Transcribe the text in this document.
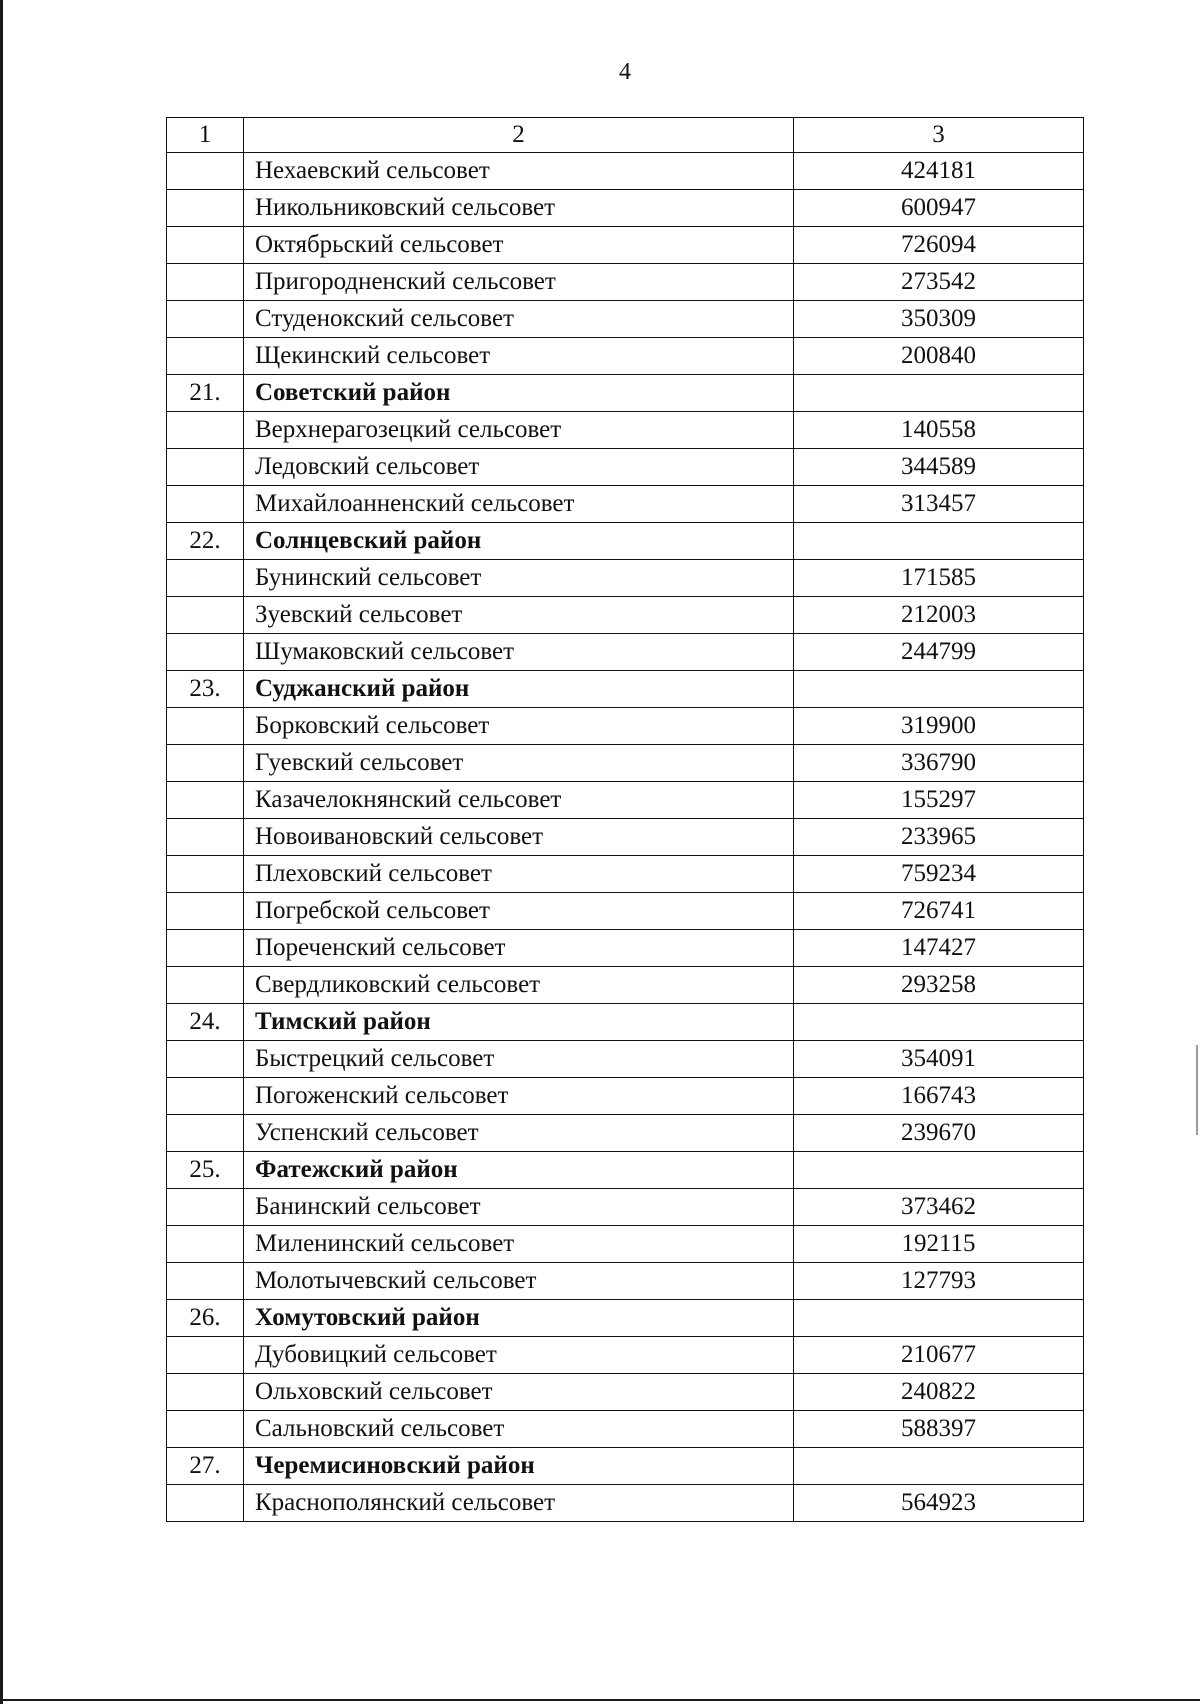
4
1	2	3
	Нехаевский сельсовет	424181
	Никольниковский сельсовет	600947
	Октябрьский сельсовет	726094
	Пригородненский сельсовет	273542
	Студенокский сельсовет	350309
	Щекинский сельсовет	200840
21.	Советский район	
	Верхнерагозецкий сельсовет	140558
	Ледовский сельсовет	344589
	Михайлоанненский сельсовет	313457
22.	Солнцевский район	
	Бунинский сельсовет	171585
	Зуевский сельсовет	212003
	Шумаковский сельсовет	244799
23.	Суджанский район	
	Борковский сельсовет	319900
	Гуевский сельсовет	336790
	Казачелокнянский сельсовет	155297
	Новоивановский сельсовет	233965
	Плеховский сельсовет	759234
	Погребской сельсовет	726741
	Пореченский сельсовет	147427
	Свердликовский сельсовет	293258
24.	Тимский район	
	Быстрецкий сельсовет	354091
	Погоженский сельсовет	166743
	Успенский сельсовет	239670
25.	Фатежский район	
	Банинский сельсовет	373462
	Миленинский сельсовет	192115
	Молотычевский сельсовет	127793
26.	Хомутовский район	
	Дубовицкий сельсовет	210677
	Ольховский сельсовет	240822
	Сальновский сельсовет	588397
27.	Черемисиновский район	
	Краснополянский сельсовет	564923
